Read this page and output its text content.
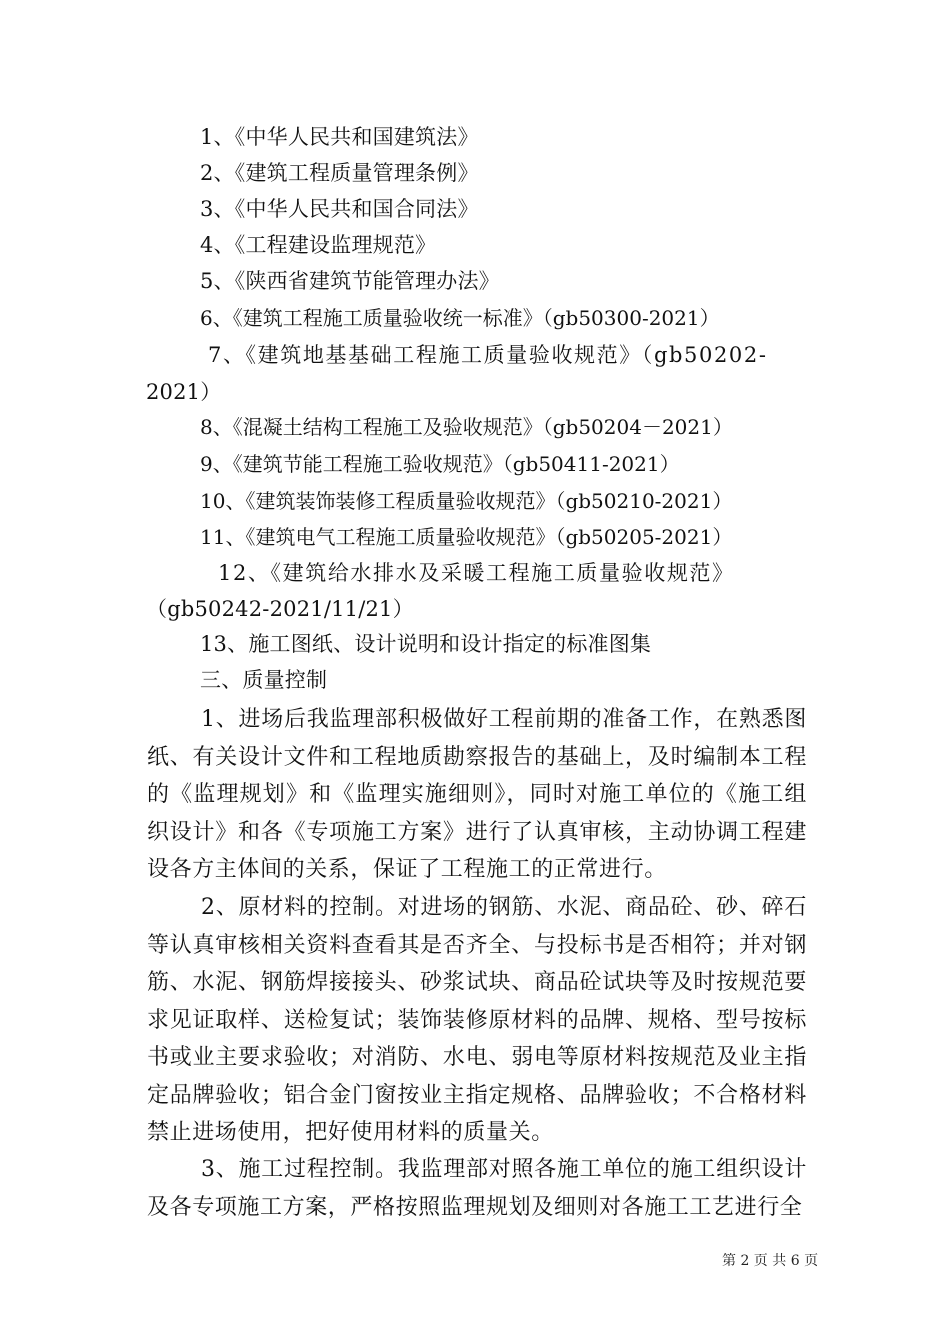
1、《中华人民共和国建筑法》
2、《建筑工程质量管理条例》
3、《中华人民共和国合同法》
4、《工程建设监理规范》
5、《陕西省建筑节能管理办法》
6、《建筑工程施工质量验收统一标准》（gb50300-2021）
7、《建筑地基基础工程施工质量验收规范》（gb50202-
2021）
8、《混凝土结构工程施工及验收规范》（gb50204－2021）
9、《建筑节能工程施工验收规范》（gb50411-2021）
10、《建筑装饰装修工程质量验收规范》（gb50210-2021）
11、《建筑电气工程施工质量验收规范》（gb50205-2021）
12、《建筑给水排水及采暖工程施工质量验收规范》
（gb50242-2021/11/21）
13、施工图纸、设计说明和设计指定的标准图集
三、质量控制
1、进场后我监理部积极做好工程前期的准备工作，在熟悉图纸、有关设计文件和工程地质勘察报告的基础上，及时编制本工程的《监理规划》和《监理实施细则》，同时对施工单位的《施工组织设计》和各《专项施工方案》进行了认真审核，主动协调工程建设各方主体间的关系，保证了工程施工的正常进行。
2、原材料的控制。对进场的钢筋、水泥、商品砼、砂、碎石等认真审核相关资料查看其是否齐全、与投标书是否相符；并对钢筋、水泥、钢筋焊接接头、砂浆试块、商品砼试块等及时按规范要求见证取样、送检复试；装饰装修原材料的品牌、规格、型号按标书或业主要求验收；对消防、水电、弱电等原材料按规范及业主指定品牌验收；铝合金门窗按业主指定规格、品牌验收；不合格材料禁止进场使用，把好使用材料的质量关。
3、施工过程控制。我监理部对照各施工单位的施工组织设计及各专项施工方案，严格按照监理规划及细则对各施工工艺进行全
第 2 页 共 6 页
